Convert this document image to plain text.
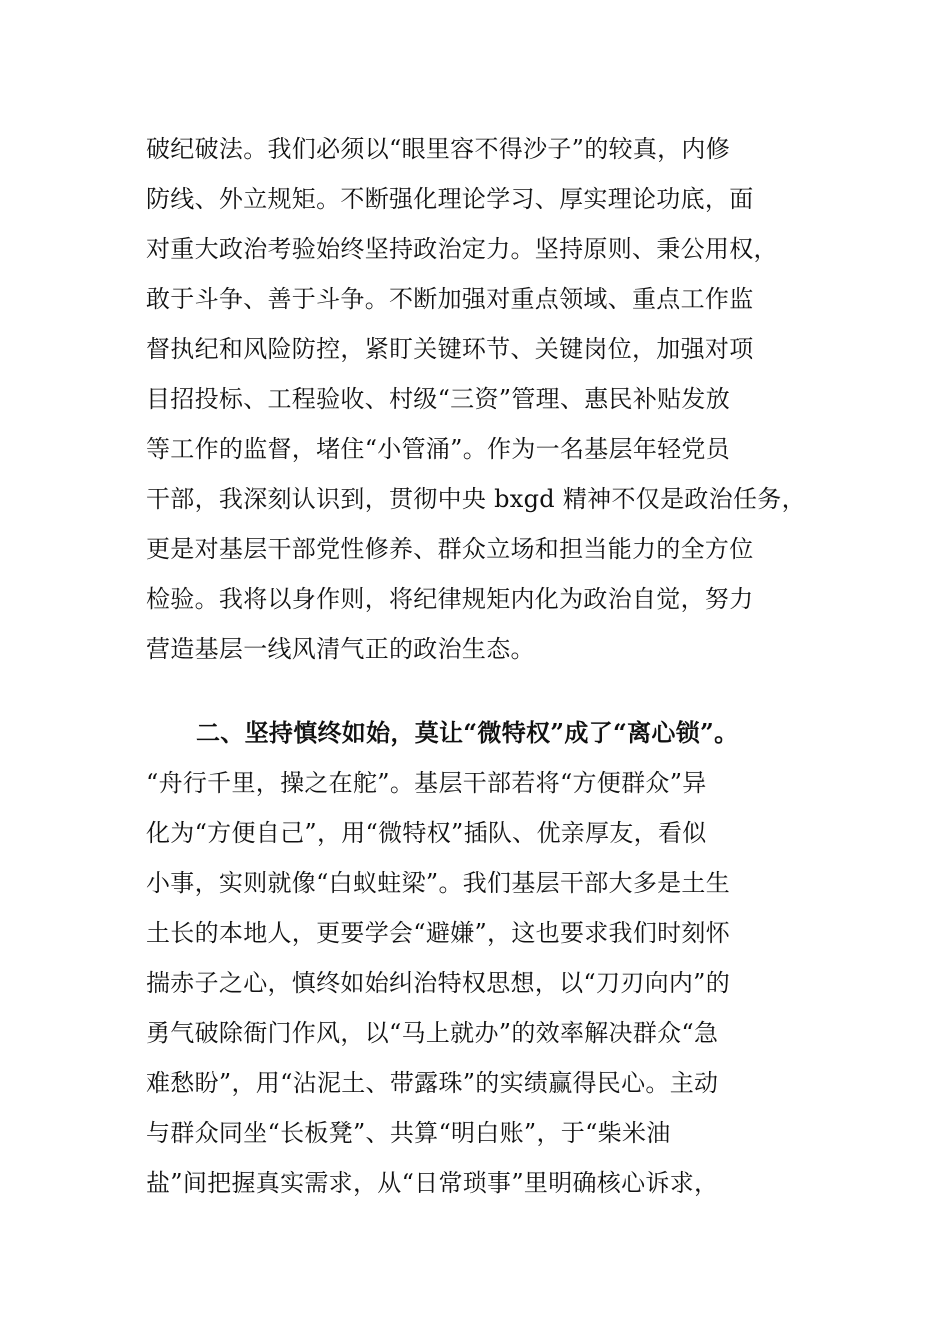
破纪破法。我们必须以“眼里容不得沙子”的较真，内修
防线、外立规矩。不断强化理论学习、厚实理论功底，面
对重大政治考验始终坚持政治定力。坚持原则、秉公用权，
敢于斗争、善于斗争。不断加强对重点领域、重点工作监
督执纪和风险防控，紧盯关键环节、关键岗位，加强对项
目招投标、工程验收、村级“三资”管理、惠民补贴发放
等工作的监督，堵住“小管涌”。作为一名基层年轻党员
干部，我深刻认识到，贯彻中央 bxgd 精神不仅是政治任务，
更是对基层干部党性修养、群众立场和担当能力的全方位
检验。我将以身作则，将纪律规矩内化为政治自觉，努力
营造基层一线风清气正的政治生态。
二、坚持慎终如始，莫让“微特权”成了“离心锁”。
“舟行千里，操之在舵”。基层干部若将“方便群众”异
化为“方便自己”，用“微特权”插队、优亲厚友，看似
小事，实则就像“白蚁蛀梁”。我们基层干部大多是土生
土长的本地人，更要学会“避嫌”，这也要求我们时刻怀
揣赤子之心，慎终如始纠治特权思想，以“刀刃向内”的
勇气破除衙门作风，以“马上就办”的效率解决群众“急
难愁盼”，用“沾泥土、带露珠”的实绩赢得民心。主动
与群众同坐“长板凳”、共算“明白账”，于“柴米油
盐”间把握真实需求，从“日常琐事”里明确核心诉求，
